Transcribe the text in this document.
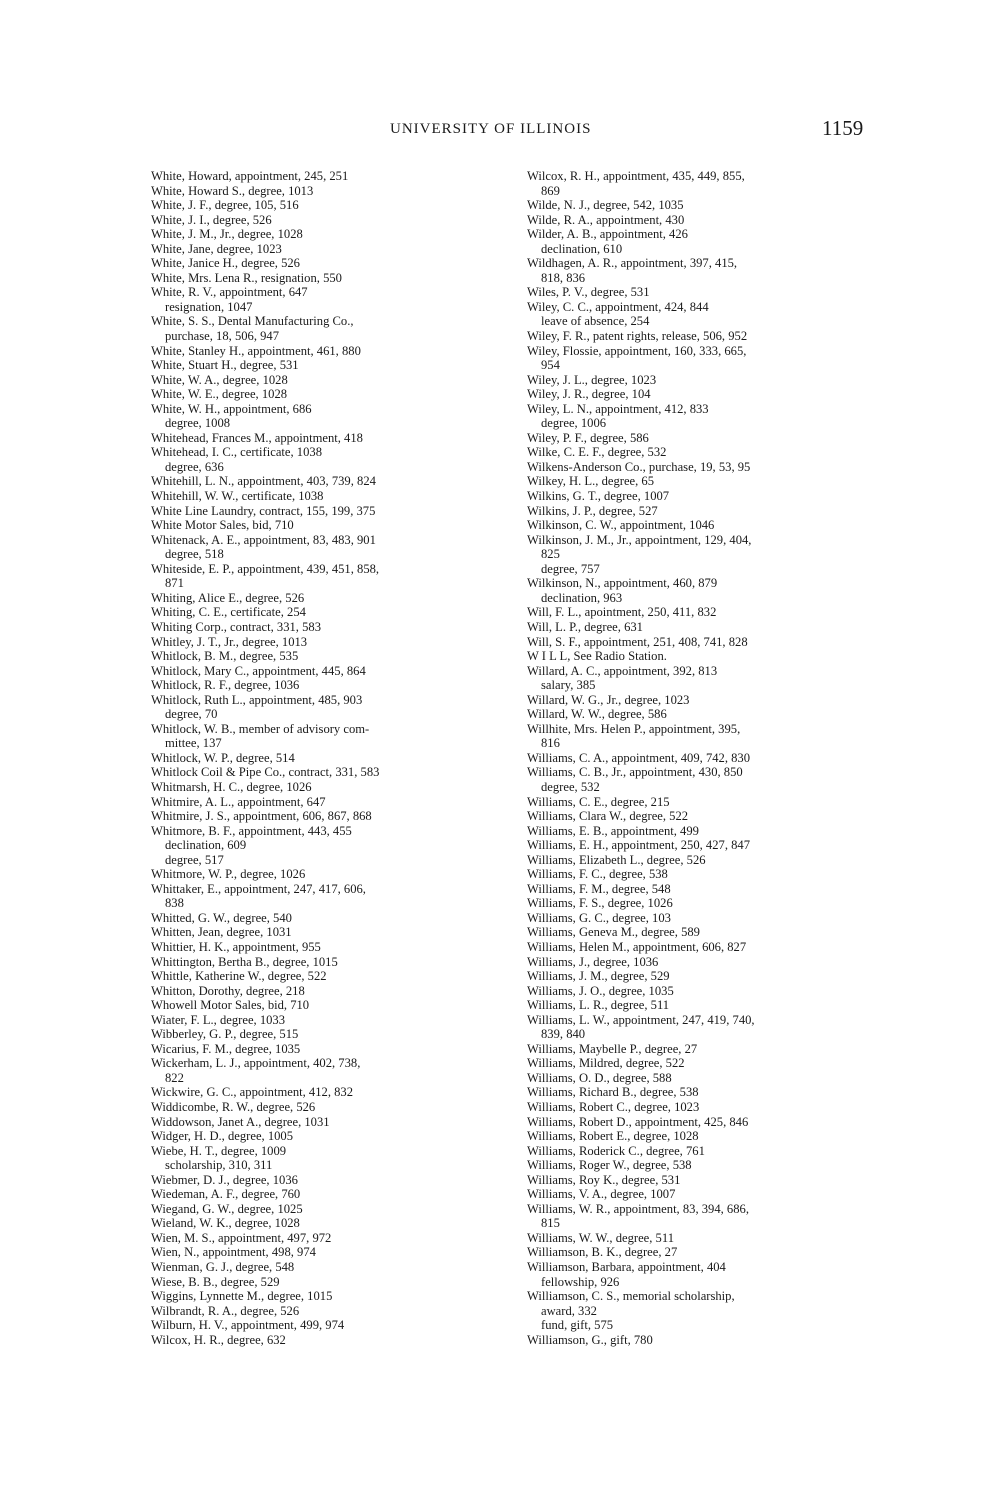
UNIVERSITY OF ILLINOIS	1159
White, Howard, appointment, 245, 251
White, Howard S., degree, 1013
White, J. F., degree, 105, 516
White, J. I., degree, 526
White, J. M., Jr., degree, 1028
White, Jane, degree, 1023
White, Janice H., degree, 526
White, Mrs. Lena R., resignation, 550
White, R. V., appointment, 647
resignation, 1047
White, S. S., Dental Manufacturing Co.,
purchase, 18, 506, 947
White, Stanley H., appointment, 461, 880
White, Stuart H., degree, 531
White, W. A., degree, 1028
White, W. E., degree, 1028
White, W. H., appointment, 686
degree, 1008
Whitehead, Frances M., appointment, 418
Whitehead, I. C., certificate, 1038
degree, 636
Whitehill, L. N., appointment, 403, 739, 824
Whitehill, W. W., certificate, 1038
White Line Laundry, contract, 155, 199, 375
White Motor Sales, bid, 710
Whitenack, A. E., appointment, 83, 483, 901
degree, 518
Whiteside, E. P., appointment, 439, 451, 858,
871
Whiting, Alice E., degree, 526
Whiting, C. E., certificate, 254
Whiting Corp., contract, 331, 583
Whitley, J. T., Jr., degree, 1013
Whitlock, B. M., degree, 535
Whitlock, Mary C., appointment, 445, 864
Whitlock, R. F., degree, 1036
Whitlock, Ruth L., appointment, 485, 903
degree, 70
Whitlock, W. B., member of advisory com-
mittee, 137
Whitlock, W. P., degree, 514
Whitlock Coil & Pipe Co., contract, 331, 583
Whitmarsh, H. C., degree, 1026
Whitmire, A. L., appointment, 647
Whitmire, J. S., appointment, 606, 867, 868
Whitmore, B. F., appointment, 443, 455
declination, 609
degree, 517
Whitmore, W. P., degree, 1026
Whittaker, E., appointment, 247, 417, 606,
838
Whitted, G. W., degree, 540
Whitten, Jean, degree, 1031
Whittier, H. K., appointment, 955
Whittington, Bertha B., degree, 1015
Whittle, Katherine W., degree, 522
Whitton, Dorothy, degree, 218
Whowell Motor Sales, bid, 710
Wiater, F. L., degree, 1033
Wibberley, G. P., degree, 515
Wicarius, F. M., degree, 1035
Wickerham, L. J., appointment, 402, 738,
822
Wickwire, G. C., appointment, 412, 832
Widdicombe, R. W., degree, 526
Widdowson, Janet A., degree, 1031
Widger, H. D., degree, 1005
Wiebe, H. T., degree, 1009
scholarship, 310, 311
Wiebmer, D. J., degree, 1036
Wiedeman, A. F., degree, 760
Wiegand, G. W., degree, 1025
Wieland, W. K., degree, 1028
Wien, M. S., appointment, 497, 972
Wien, N., appointment, 498, 974
Wienman, G. J., degree, 548
Wiese, B. B., degree, 529
Wiggins, Lynnette M., degree, 1015
Wilbrandt, R. A., degree, 526
Wilburn, H. V., appointment, 499, 974
Wilcox, H. R., degree, 632
Wilcox, R. H., appointment, 435, 449, 855,
869
Wilde, N. J., degree, 542, 1035
Wilde, R. A., appointment, 430
Wilder, A. B., appointment, 426
declination, 610
Wildhagen, A. R., appointment, 397, 415,
818, 836
Wiles, P. V., degree, 531
Wiley, C. C., appointment, 424, 844
leave of absence, 254
Wiley, F. R., patent rights, release, 506, 952
Wiley, Flossie, appointment, 160, 333, 665,
954
Wiley, J. L., degree, 1023
Wiley, J. R., degree, 104
Wiley, L. N., appointment, 412, 833
degree, 1006
Wiley, P. F., degree, 586
Wilke, C. E. F., degree, 532
Wilkens-Anderson Co., purchase, 19, 53, 95
Wilkey, H. L., degree, 65
Wilkins, G. T., degree, 1007
Wilkins, J. P., degree, 527
Wilkinson, C. W., appointment, 1046
Wilkinson, J. M., Jr., appointment, 129, 404,
825
degree, 757
Wilkinson, N., appointment, 460, 879
declination, 963
Will, F. L., apointment, 250, 411, 832
Will, L. P., degree, 631
Will, S. F., appointment, 251, 408, 741, 828
W I L L, See Radio Station.
Willard, A. C., appointment, 392, 813
salary, 385
Willard, W. G., Jr., degree, 1023
Willard, W. W., degree, 586
Willhite, Mrs. Helen P., appointment, 395,
816
Williams, C. A., appointment, 409, 742, 830
Williams, C. B., Jr., appointment, 430, 850
degree, 532
Williams, C. E., degree, 215
Williams, Clara W., degree, 522
Williams, E. B., appointment, 499
Williams, E. H., appointment, 250, 427, 847
Williams, Elizabeth L., degree, 526
Williams, F. C., degree, 538
Williams, F. M., degree, 548
Williams, F. S., degree, 1026
Williams, G. C., degree, 103
Williams, Geneva M., degree, 589
Williams, Helen M., appointment, 606, 827
Williams, J., degree, 1036
Williams, J. M., degree, 529
Williams, J. O., degree, 1035
Williams, L. R., degree, 511
Williams, L. W., appointment, 247, 419, 740,
839, 840
Williams, Maybelle P., degree, 27
Williams, Mildred, degree, 522
Williams, O. D., degree, 588
Williams, Richard B., degree, 538
Williams, Robert C., degree, 1023
Williams, Robert D., appointment, 425, 846
Williams, Robert E., degree, 1028
Williams, Roderick C., degree, 761
Williams, Roger W., degree, 538
Williams, Roy K., degree, 531
Williams, V. A., degree, 1007
Williams, W. R., appointment, 83, 394, 686,
815
Williams, W. W., degree, 511
Williamson, B. K., degree, 27
Williamson, Barbara, appointment, 404
fellowship, 926
Williamson, C. S., memorial scholarship,
award, 332
fund, gift, 575
Williamson, G., gift, 780
